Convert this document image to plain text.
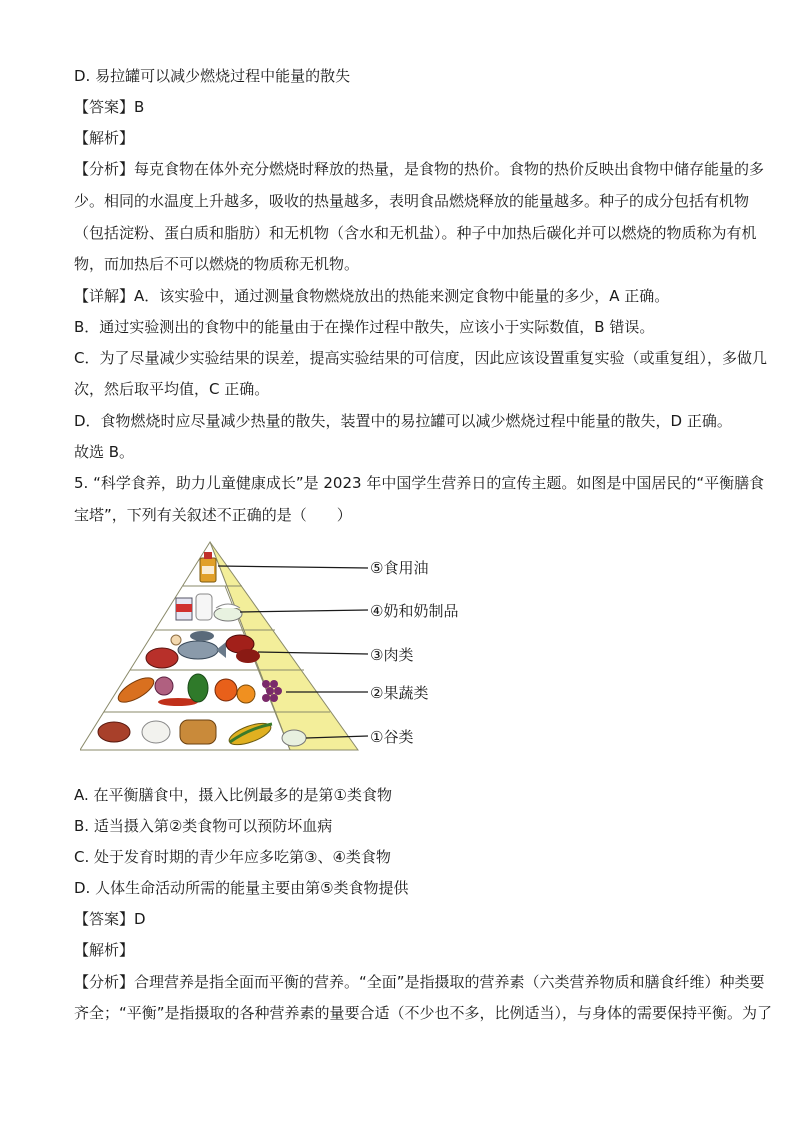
D. 易拉罐可以减少燃烧过程中能量的散失
【答案】B
【解析】
【分析】每克食物在体外充分燃烧时释放的热量，是食物的热价。食物的热价反映出食物中储存能量的多
少。相同的水温度上升越多，吸收的热量越多，表明食品燃烧释放的能量越多。种子的成分包括有机物
（包括淀粉、蛋白质和脂肪）和无机物（含水和无机盐）。种子中加热后碳化并可以燃烧的物质称为有机
物，而加热后不可以燃烧的物质称无机物。
【详解】A．该实验中，通过测量食物燃烧放出的热能来测定食物中能量的多少，A 正确。
B．通过实验测出的食物中的能量由于在操作过程中散失，应该小于实际数值，B 错误。
C．为了尽量减少实验结果的误差，提高实验结果的可信度，因此应该设置重复实验（或重复组），多做几
次，然后取平均值，C 正确。
D．食物燃烧时应尽量减少热量的散失，装置中的易拉罐可以减少燃烧过程中能量的散失，D 正确。
故选 B。
5. “科学食养，助力儿童健康成长”是 2023 年中国学生营养日的宣传主题。如图是中国居民的“平衡膳食
宝塔”，下列有关叙述不正确的是（　　）
A. 在平衡膳食中，摄入比例最多的是第①类食物
B. 适当摄入第②类食物可以预防坏血病
C. 处于发育时期的青少年应多吃第③、④类食物
D. 人体生命活动所需的能量主要由第⑤类食物提供
【答案】D
【解析】
【分析】合理营养是指全面而平衡的营养。“全面”是指摄取的营养素（六类营养物质和膳食纤维）种类要
齐全；“平衡”是指摄取的各种营养素的量要合适（不少也不多，比例适当），与身体的需要保持平衡。为了
⑤食用油
④奶和奶制品
③肉类
②果蔬类
①谷类
